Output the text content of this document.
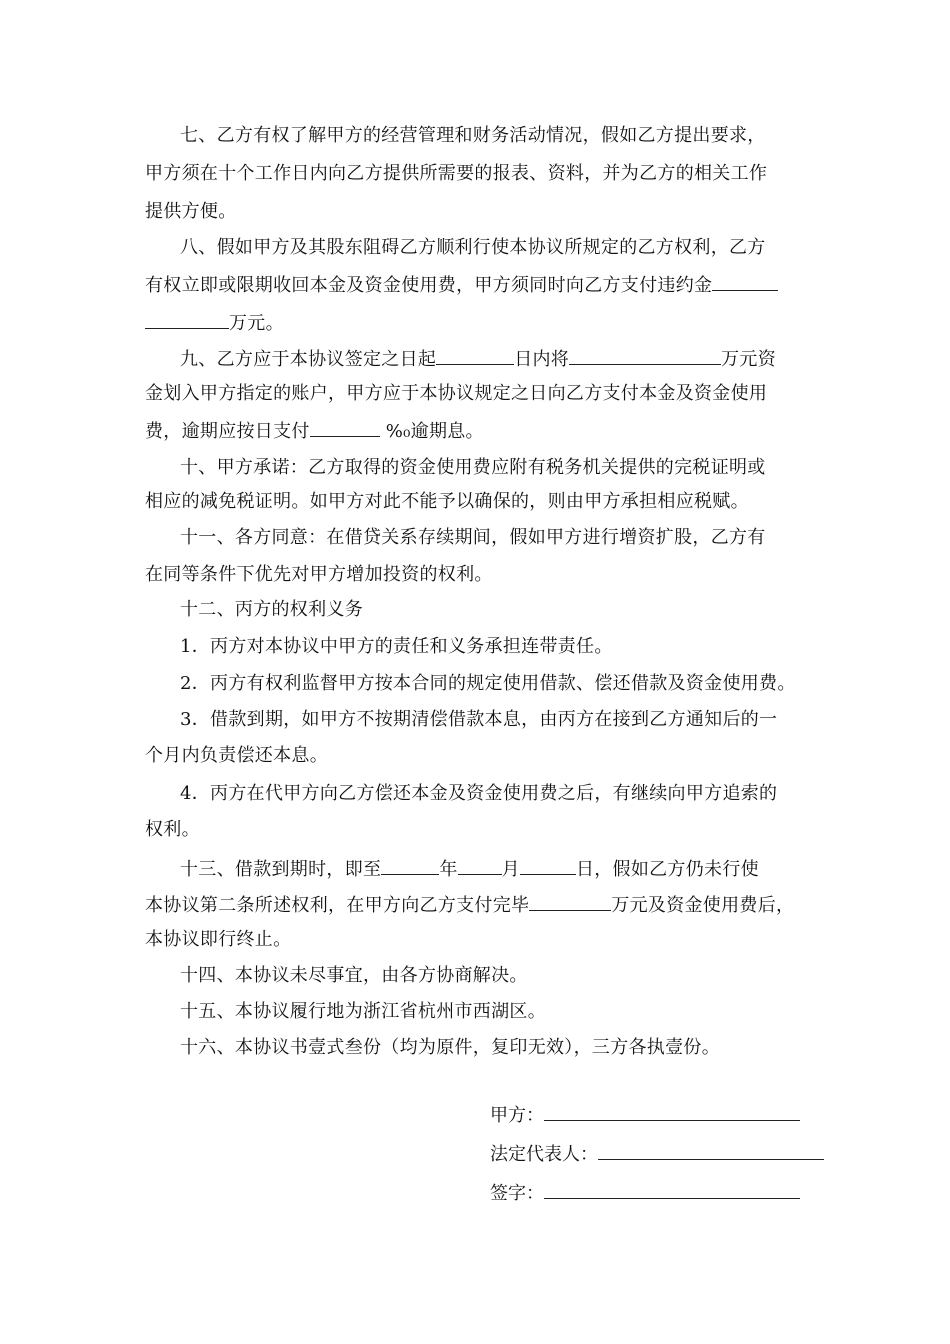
七、乙方有权了解甲方的经营管理和财务活动情况，假如乙方提出要求，
甲方须在十个工作日内向乙方提供所需要的报表、资料，并为乙方的相关工作
提供方便。
八、假如甲方及其股东阻碍乙方顺利行使本协议所规定的乙方权利，乙方
有权立即或限期收回本金及资金使用费，甲方须同时向乙方支付违约金
万元。
九、乙方应于本协议签定之日起	日内将	万元资
金划入甲方指定的账户，甲方应于本协议规定之日向乙方支付本金及资金使用
费，逾期应按日支付	%₀逾期息。
十、甲方承诺：乙方取得的资金使用费应附有税务机关提供的完税证明或
相应的减免税证明。如甲方对此不能予以确保的，则由甲方承担相应税赋。
十一、各方同意：在借贷关系存续期间，假如甲方进行增资扩股，乙方有
在同等条件下优先对甲方增加投资的权利。
十二、丙方的权利义务
1．丙方对本协议中甲方的责任和义务承担连带责任。
2．丙方有权利监督甲方按本合同的规定使用借款、偿还借款及资金使用费。
3．借款到期，如甲方不按期清偿借款本息，由丙方在接到乙方通知后的一
个月内负责偿还本息。
4．丙方在代甲方向乙方偿还本金及资金使用费之后，有继续向甲方追索的
权利。
十三、借款到期时，即至	年 月	日，假如乙方仍未行使
本协议第二条所述权利，在甲方向乙方支付完毕	万元及资金使用费后，
本协议即行终止。
十四、本协议未尽事宜，由各方协商解决。
十五、本协议履行地为浙江省杭州市西湖区。
十六、本协议书壹式叁份（均为原件，复印无效），三方各执壹份。
甲方：
法定代表人：
签字：
